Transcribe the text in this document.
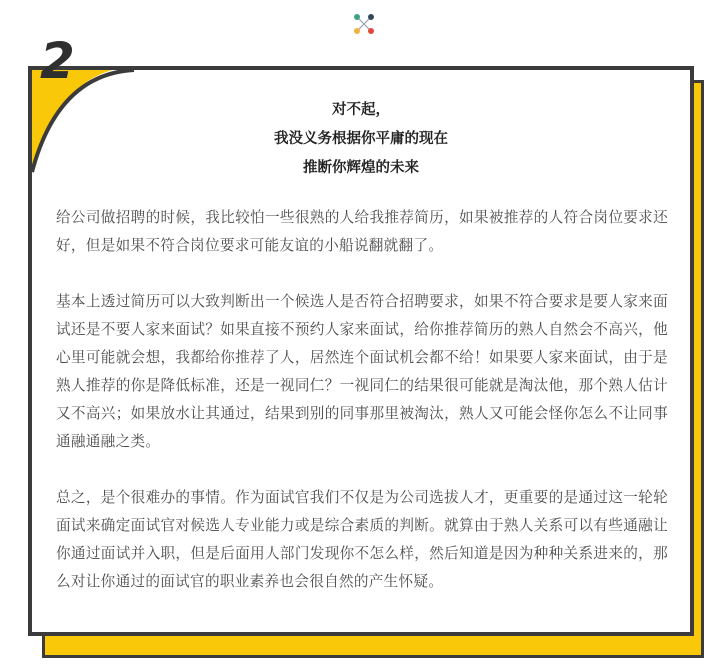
2
对不起，
我没义务根据你平庸的现在
推断你辉煌的未来

给公司做招聘的时候，我比较怕一些很熟的人给我推荐简历，如果被推荐的人符合岗位要求还好，但是如果不符合岗位要求可能友谊的小船说翻就翻了。

基本上透过简历可以大致判断出一个候选人是否符合招聘要求，如果不符合要求是要人家来面试还是不要人家来面试？如果直接不预约人家来面试，给你推荐简历的熟人自然会不高兴，他心里可能就会想，我都给你推荐了人，居然连个面试机会都不给！如果要人家来面试，由于是熟人推荐的你是降低标准，还是一视同仁？一视同仁的结果很可能就是淘汰他，那个熟人估计又不高兴；如果放水让其通过，结果到别的同事那里被淘汰，熟人又可能会怪你怎么不让同事通融通融之类。

总之，是个很难办的事情。作为面试官我们不仅是为公司选拔人才，更重要的是通过这一轮轮面试来确定面试官对候选人专业能力或是综合素质的判断。就算由于熟人关系可以有些通融让你通过面试并入职，但是后面用人部门发现你不怎么样，然后知道是因为种种关系进来的，那么对让你通过的面试官的职业素养也会很自然的产生怀疑。
